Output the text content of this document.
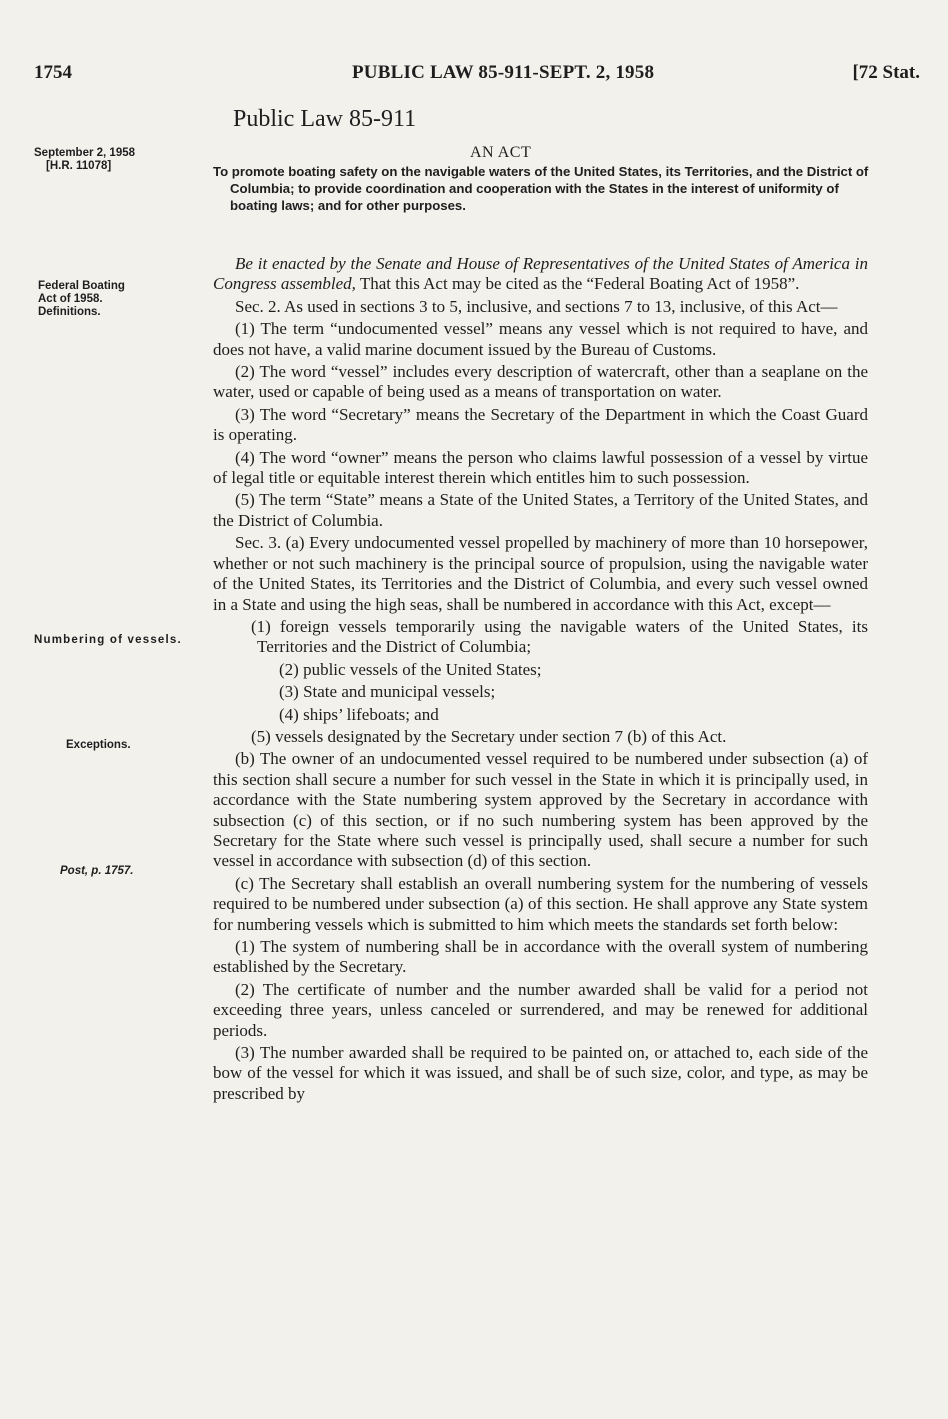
1754	PUBLIC LAW 85-911-SEPT. 2, 1958	[72 Stat.
Public Law 85-911
AN ACT
September 2, 1958
[H.R. 11078]	To promote boating safety on the navigable waters of the United States, its Territories, and the District of Columbia; to provide coordination and cooperation with the States in the interest of uniformity of boating laws; and for other purposes.
Federal Boating
Act of 1958.
Definitions.
Numbering of vessels.
Exceptions.
Post, p. 1757.

Be it enacted by the Senate and House of Representatives of the United States of America in Congress assembled, That this Act may be cited as the “Federal Boating Act of 1958”.

Sec. 2. As used in sections 3 to 5, inclusive, and sections 7 to 13, inclusive, of this Act—

(1) The term “undocumented vessel” means any vessel which is not required to have, and does not have, a valid marine document issued by the Bureau of Customs.

(2) The word “vessel” includes every description of watercraft, other than a seaplane on the water, used or capable of being used as a means of transportation on water.

(3) The word “Secretary” means the Secretary of the Department in which the Coast Guard is operating.

(4) The word “owner” means the person who claims lawful possession of a vessel by virtue of legal title or equitable interest therein which entitles him to such possession.

(5) The term “State” means a State of the United States, a Territory of the United States, and the District of Columbia.

Sec. 3. (a) Every undocumented vessel propelled by machinery of more than 10 horsepower, whether or not such machinery is the principal source of propulsion, using the navigable water of the United States, its Territories and the District of Columbia, and every such vessel owned in a State and using the high seas, shall be numbered in accordance with this Act, except—

(1) foreign vessels temporarily using the navigable waters of the United States, its Territories and the District of Columbia;

(2) public vessels of the United States;

(3) State and municipal vessels;

(4) ships’ lifeboats; and

(5) vessels designated by the Secretary under section 7 (b) of this Act.

(b) The owner of an undocumented vessel required to be numbered under subsection (a) of this section shall secure a number for such vessel in the State in which it is principally used, in accordance with the State numbering system approved by the Secretary in accordance with subsection (c) of this section, or if no such numbering system has been approved by the Secretary for the State where such vessel is principally used, shall secure a number for such vessel in accordance with subsection (d) of this section.

(c) The Secretary shall establish an overall numbering system for the numbering of vessels required to be numbered under subsection (a) of this section. He shall approve any State system for numbering vessels which is submitted to him which meets the standards set forth below:

(1) The system of numbering shall be in accordance with the overall system of numbering established by the Secretary.

(2) The certificate of number and the number awarded shall be valid for a period not exceeding three years, unless canceled or surrendered, and may be renewed for additional periods.

(3) The number awarded shall be required to be painted on, or attached to, each side of the bow of the vessel for which it was issued, and shall be of such size, color, and type, as may be prescribed by
